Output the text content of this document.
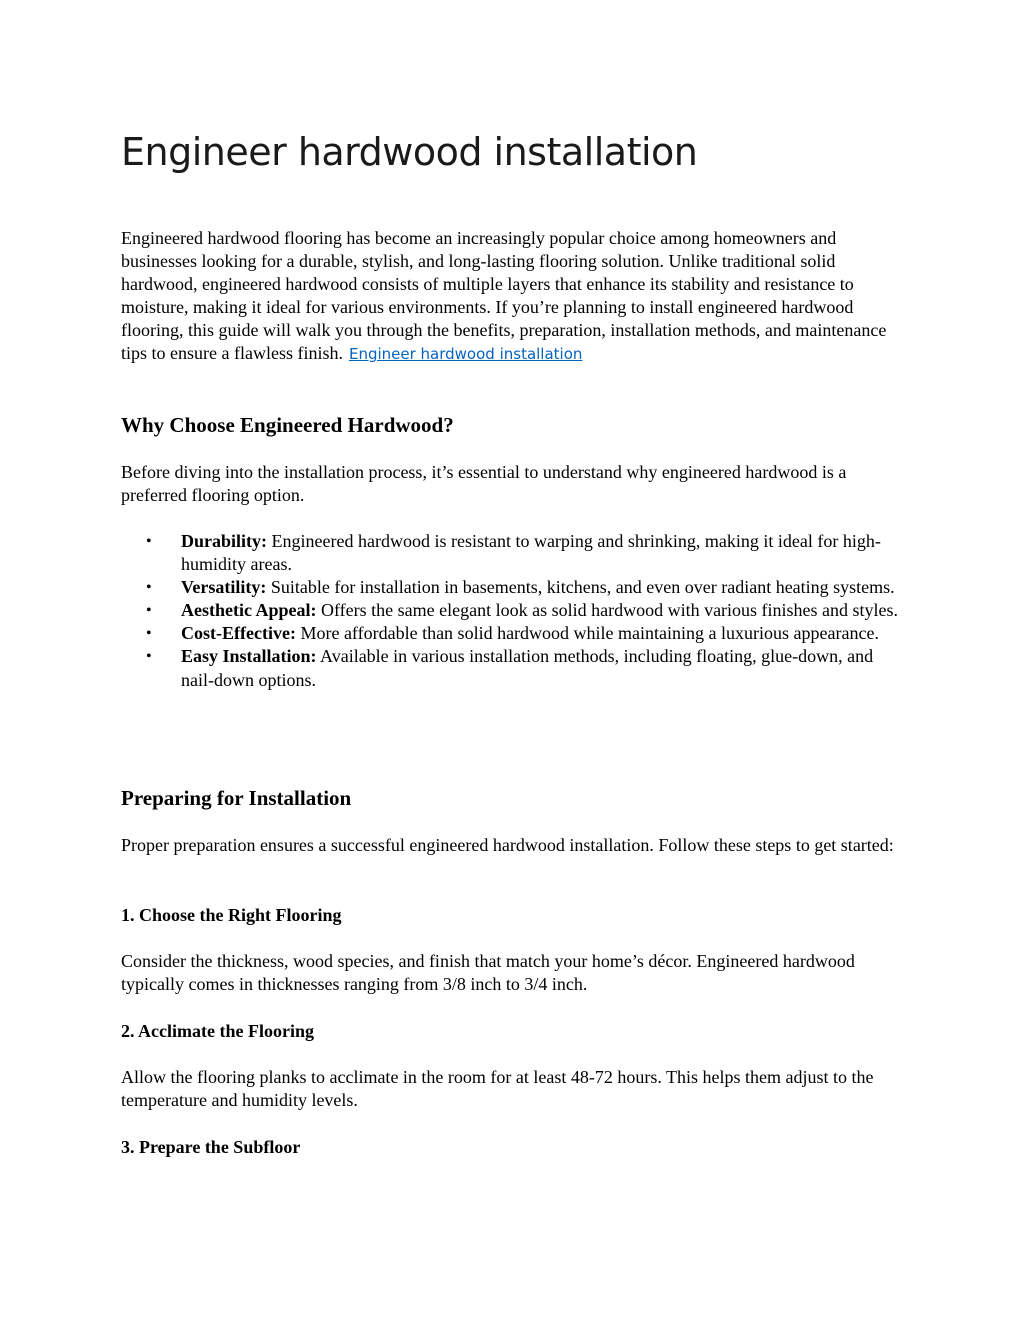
Engineer hardwood installation

Engineered hardwood flooring has become an increasingly popular choice among homeowners and businesses looking for a durable, stylish, and long-lasting flooring solution. Unlike traditional solid hardwood, engineered hardwood consists of multiple layers that enhance its stability and resistance to moisture, making it ideal for various environments. If you’re planning to install engineered hardwood flooring, this guide will walk you through the benefits, preparation, installation methods, and maintenance tips to ensure a flawless finish. Engineer hardwood installation

Why Choose Engineered Hardwood?

Before diving into the installation process, it’s essential to understand why engineered hardwood is a preferred flooring option.

• Durability: Engineered hardwood is resistant to warping and shrinking, making it ideal for high-humidity areas.
• Versatility: Suitable for installation in basements, kitchens, and even over radiant heating systems.
• Aesthetic Appeal: Offers the same elegant look as solid hardwood with various finishes and styles.
• Cost-Effective: More affordable than solid hardwood while maintaining a luxurious appearance.
• Easy Installation: Available in various installation methods, including floating, glue-down, and nail-down options.
Preparing for Installation

Proper preparation ensures a successful engineered hardwood installation. Follow these steps to get started:

1. Choose the Right Flooring

Consider the thickness, wood species, and finish that match your home’s décor. Engineered hardwood typically comes in thicknesses ranging from 3/8 inch to 3/4 inch.

2. Acclimate the Flooring

Allow the flooring planks to acclimate in the room for at least 48-72 hours. This helps them adjust to the temperature and humidity levels.

3. Prepare the Subfloor
